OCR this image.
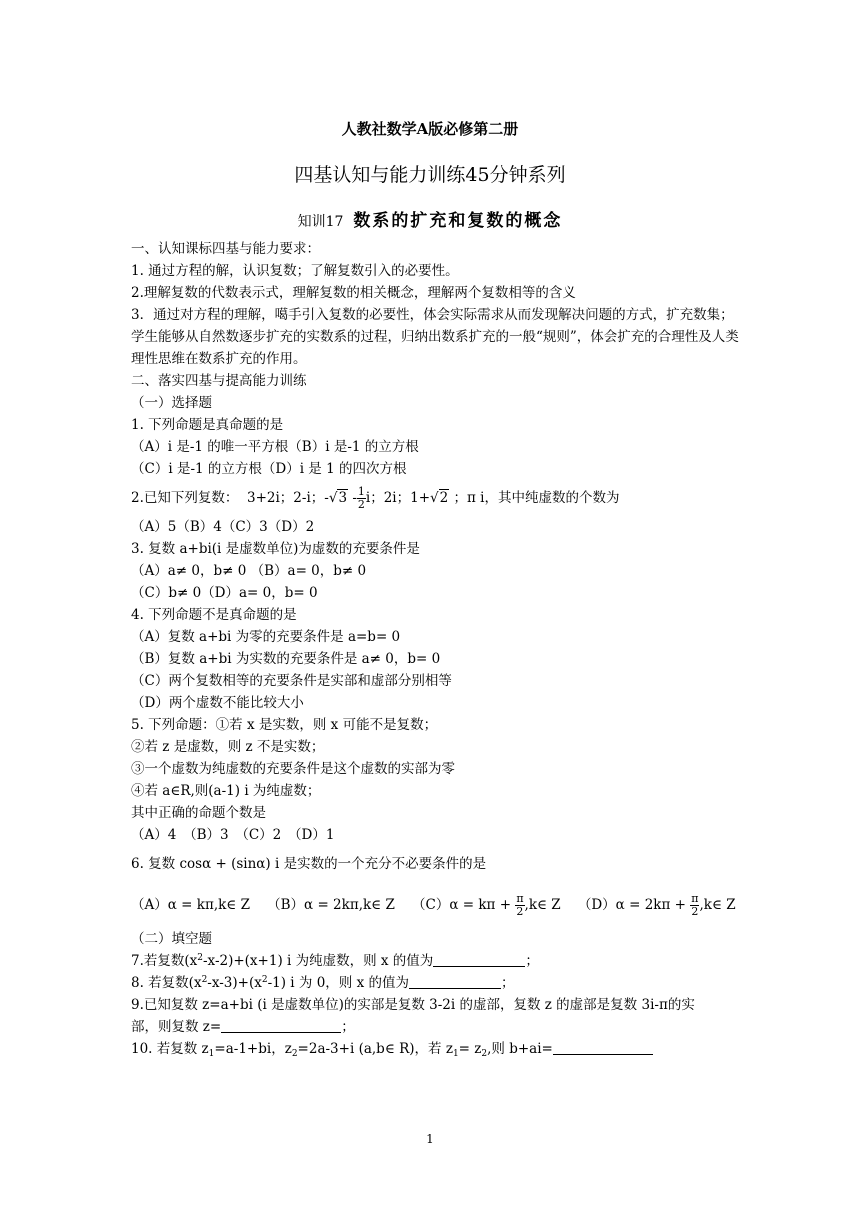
人教社数学A版必修第二册
四基认知与能力训练45分钟系列
知训17 数系的扩充和复数的概念
一、认知课标四基与能力要求：
1. 通过方程的解，认识复数；了解复数引入的必要性。
2.理解复数的代数表示式，理解复数的相关概念，理解两个复数相等的含义
3．通过对方程的理解，噶手引入复数的必要性，体会实际需求从而发现解决问题的方式，扩充数集；学生能够从自然数逐步扩充的实数系的过程，归纳出数系扩充的一般“规则”，体会扩充的合理性及人类理性思维在数系扩充的作用。
二、落实四基与提高能力训练
（一）选择题
1. 下列命题是真命题的是
（A）i 是-1 的唯一平方根（B）i 是-1 的立方根
（C）i 是-1 的立方根（D）i 是 1 的四次方根
2.已知下列复数： 3+2i；2-i；$-√3 - \frac{1}{2}$ i；2i；1+√2 ；π i，其中纯虚数的个数为
（A）5（B）4（C）3（D）2
3. 复数 a+bi(i 是虚数单位)为虚数的充要条件是
（A）a≠ 0，b≠ 0 （B）a= 0，b≠ 0
（C）b≠ 0（D）a= 0，b= 0
4. 下列命题不是真命题的是
（A）复数 a+bi 为零的充要条件是 a=b= 0
（B）复数 a+bi 为实数的充要条件是 a≠ 0，b= 0
（C）两个复数相等的充要条件是实部和虚部分别相等
（D）两个虚数不能比较大小
5. 下列命题：①若 x 是实数，则 x 可能不是复数；
②若 z 是虚数，则 z 不是实数；
③一个虚数为纯虚数的充要条件是这个虚数的实部为零
④若 a∈R,则(a-1) i 为纯虚数；
其中正确的命题个数是
（A）4　（B）3　（C）2　（D）1
6. 复数 cosα + (sinα) i 是实数的一个充分不必要条件的是
（A）α = kπ,k∈ Z （B）α = 2kπ,k∈ Z $(C)\alpha = k\pi + \frac{\pi}{2}$ ,k∈ Z $(D)\alpha = 2k\pi + \frac{\pi}{2}$ ,k∈ Z
（二）填空题
7.若复数$(x^2-x-2)+(x+1)$ i 为纯虚数，则 x 的值为	；
8. 若复数$(x^2-x-3)+(x^2-1)$ i 为 0，则 x 的值为	；
9.已知复数 z=a+bi (i 是虚数单位)的实部是复数 3-2i 的虚部，复数 z 的虚部是复数 3i-π的实
部，则复数 z=	；
10. 若复数 $z_1=a-1+bi$，$z_2=2a-3+i$ (a,b∈ R)，若 $z_1= z_2$,则 b+ai=
1
